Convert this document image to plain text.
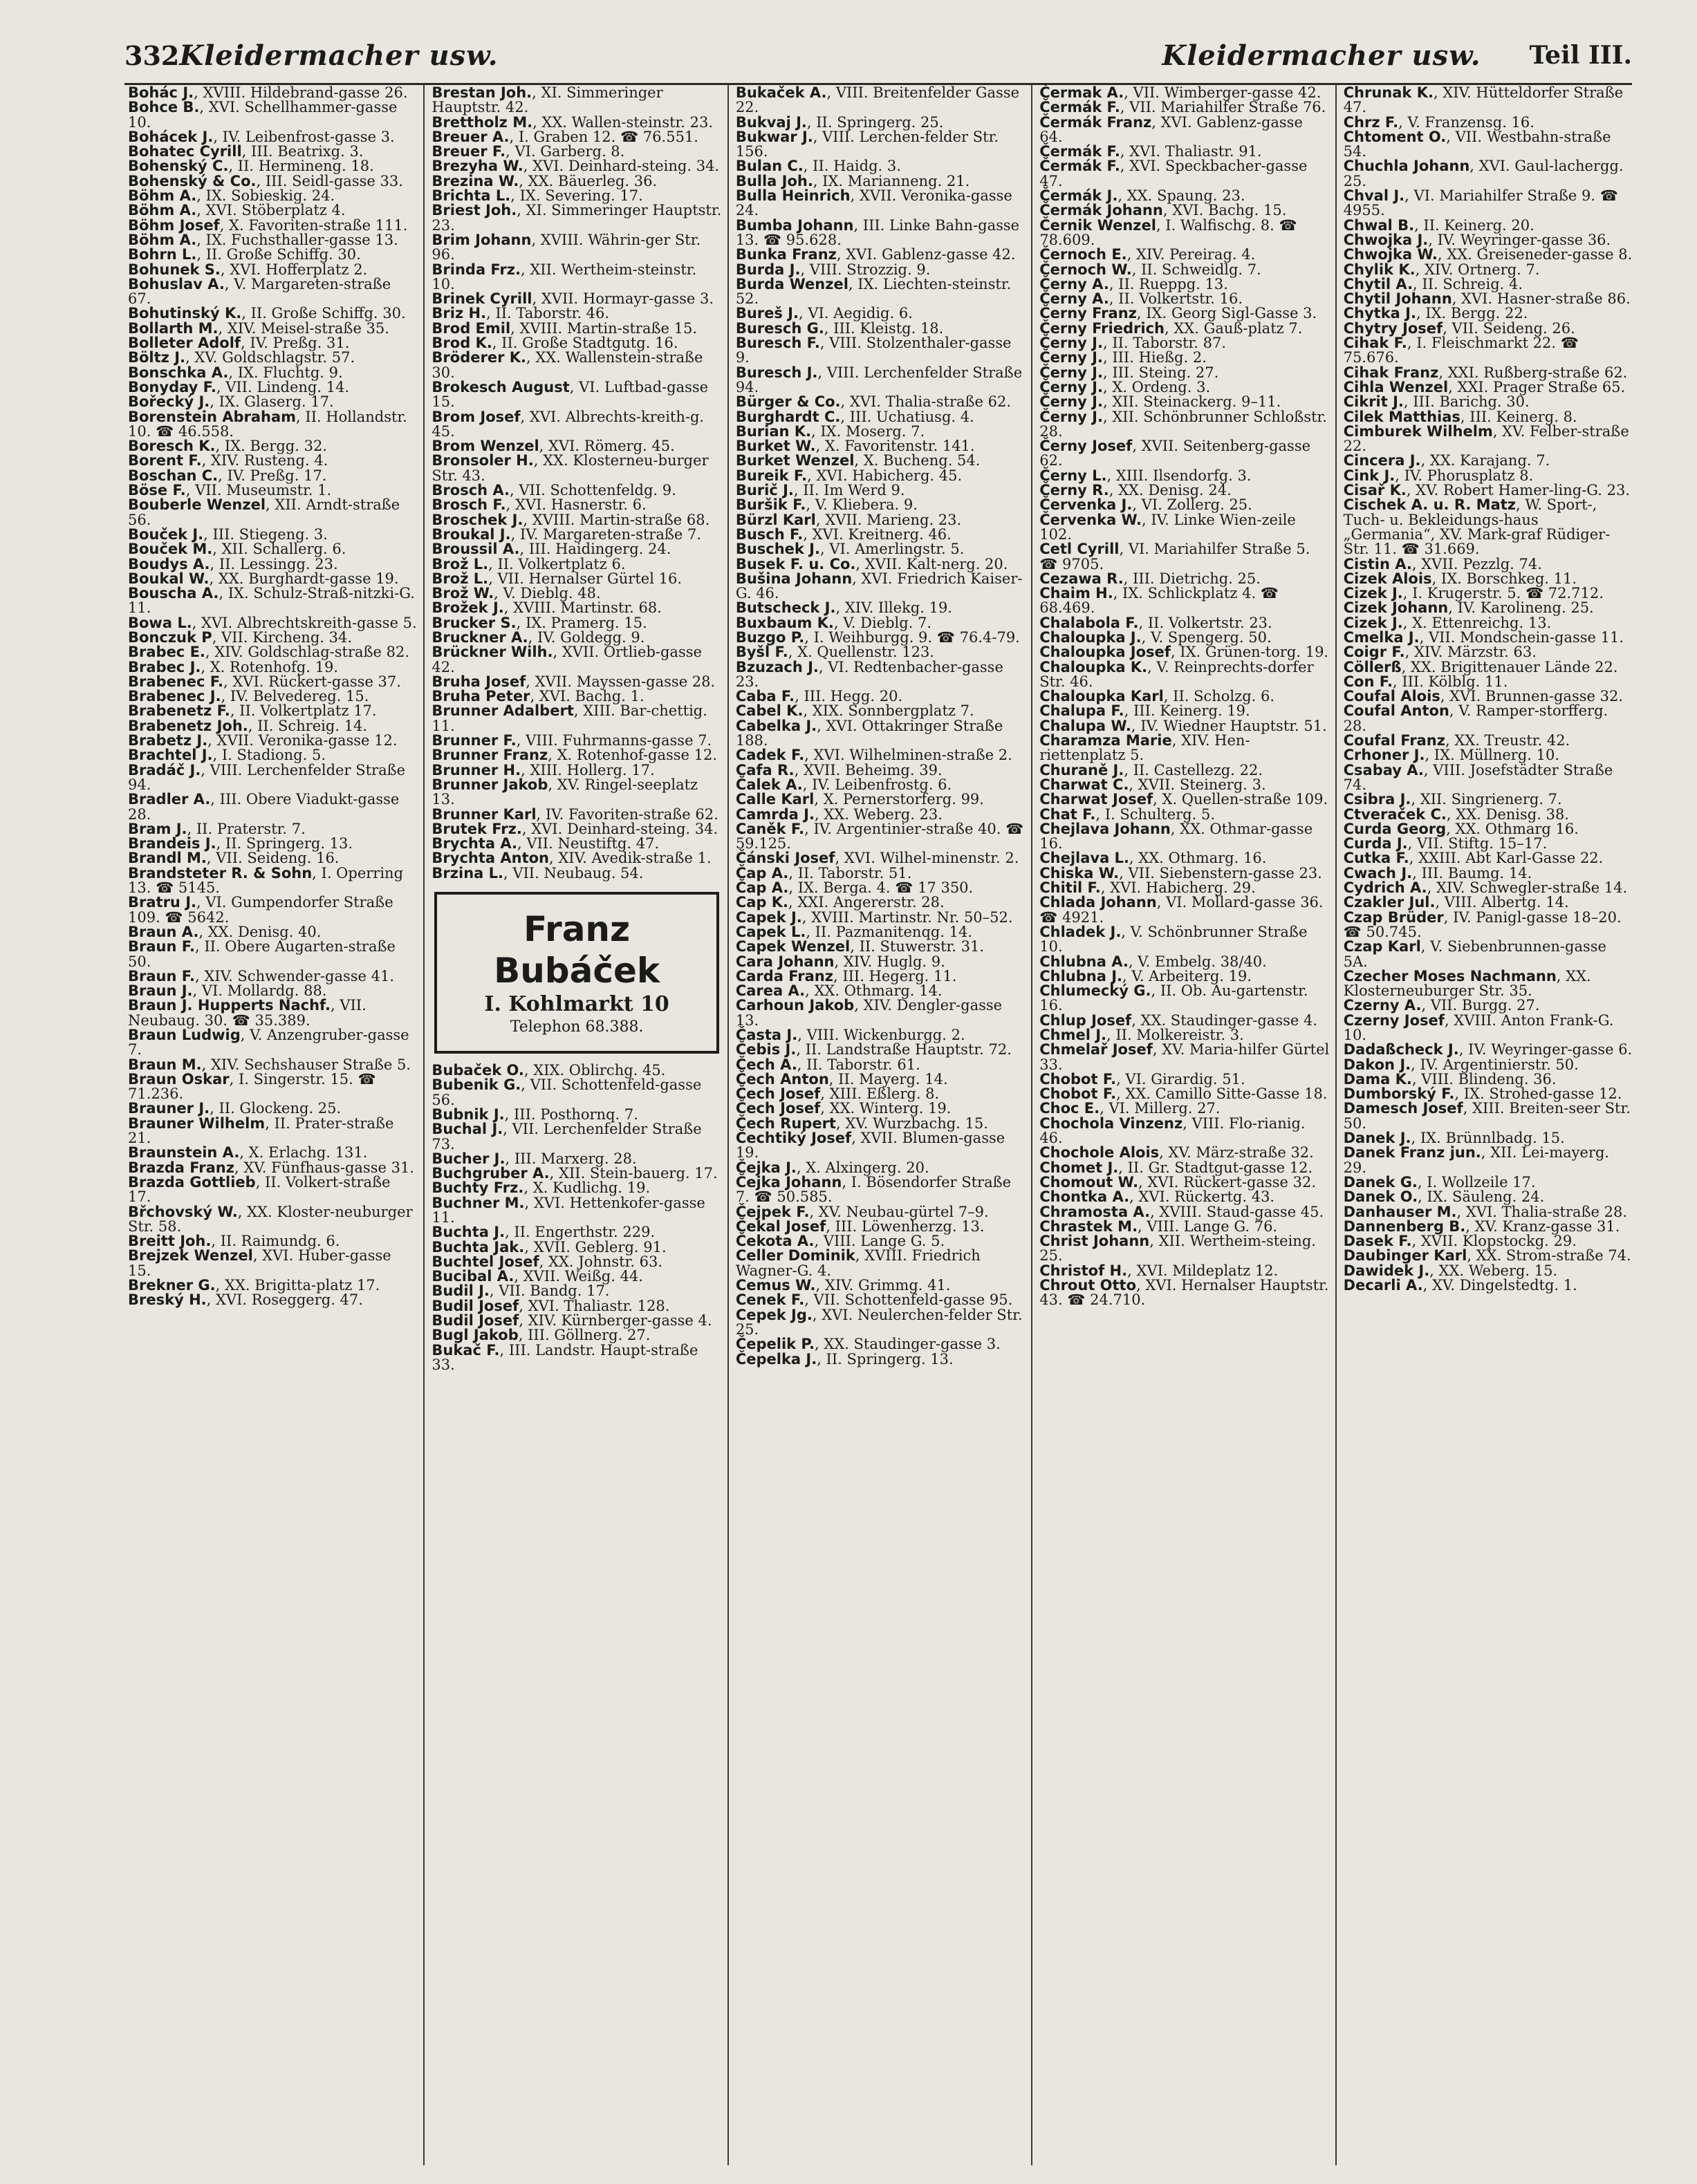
332 Kleidermacher usw.	Kleidermacher usw. Teil III.

Bohác J., XVIII. Hildebrand-gasse 26.

Bohce B., XVI. Schellhammer-gasse 10.

Bohácek J., IV. Leibenfrost-gasse 3.

Bohatec Cyrill, III. Beatrixg. 3.

Bohenský C., II. Hermineng. 18.

Bohenský & Co., III. Seidl-gasse 33.

Böhm A., IX. Sobieskig. 24.

Böhm A., XVI. Stöberplatz 4.

Böhm Josef, X. Favoriten-straße 111.

Böhm A., IX. Fuchsthaller-gasse 13.

Bohrn L., II. Große Schiffg. 30.

Bohunek S., XVI. Hofferplatz 2.

Bohuslav A., V. Margareten-straße 67.

Bohutinský K., II. Große Schiffg. 30.

Bollarth M., XIV. Meisel-straße 35.

Bolleter Adolf, IV. Preßg. 31.

Böltz J., XV. Goldschlagstr. 57.

Bonschka A., IX. Fluchtg. 9.

Bonyday F., VII. Lindeng. 14.

Bořecký J., IX. Glaserg. 17.

Borenstein Abraham, II. Hollandstr. 10. ☎ 46.558.

Boresch K., IX. Bergg. 32.

Borent F., XIV. Rusteng. 4.

Boschan C., IV. Preßg. 17.

Böse F., VII. Museumstr. 1.

Bouberle Wenzel, XII. Arndt-straße 56.

Bouček J., III. Stiegeng. 3.

Bouček M., XII. Schallerg. 6.

Boudys A., II. Lessingg. 23.

Boukal W., XX. Burghardt-gasse 19.

Bouscha A., IX. Schulz-Straß-nitzki-G. 11.

Bowa L., XVI. Albrechtskreith-gasse 5.

Bonczuk P, VII. Kircheng. 34.

Brabec E., XIV. Goldschlag-straße 82.

Brabec J., X. Rotenhofg. 19.

Brabenec F., XVI. Rückert-gasse 37.

Brabenec J., IV. Belvedereg. 15.

Brabenetz F., II. Volkertplatz 17.

Brabenetz Joh., II. Schreig. 14.

Brabetz J., XVII. Veronika-gasse 12.

Brachtel J., I. Stadiong. 5.

Bradáč J., VIII. Lerchenfelder Straße 94.

Bradler A., III. Obere Viadukt-gasse 28.

Bram J., II. Praterstr. 7.

Brandeis J., II. Springerg. 13.

Brandl M., VII. Seideng. 16.

Brandsteter R. & Sohn, I. Operring 13. ☎ 5145.

Bratru J., VI. Gumpendorfer Straße 109. ☎ 5642.

Braun A., XX. Denisg. 40.

Braun F., II. Obere Augarten-straße 50.

Braun F., XIV. Schwender-gasse 41.

Braun J., VI. Mollardg. 88.

Braun J. Hupperts Nachf., VII. Neubaug. 30. ☎ 35.389.

Braun Ludwig, V. Anzengruber-gasse 7.

Braun M., XIV. Sechshauser Straße 5.

Braun Oskar, I. Singerstr. 15. ☎ 71.236.

Brauner J., II. Glockeng. 25.

Brauner Wilhelm, II. Prater-straße 21.

Braunstein A., X. Erlachg. 131.

Brazda Franz, XV. Fünfhaus-gasse 31.

Brazda Gottlieb, II. Volkert-straße 17.

Břchovský W., XX. Kloster-neuburger Str. 58.

Breitt Joh., II. Raimundg. 6.

Brejzek Wenzel, XVI. Huber-gasse 15.

Brekner G., XX. Brigitta-platz 17.

Breský H., XVI. Roseggerg. 47.

Brestan Joh., XI. Simmeringer Hauptstr. 42.

Brettholz M., XX. Wallen-steinstr. 23.

Breuer A., I. Graben 12. ☎ 76.551.

Breuer F., VI. Garberg. 8.

Brezyha W., XVI. Deinhard-steing. 34.

Brezina W., XX. Bäuerleg. 36.

Brichta L., IX. Severing. 17.

Briest Joh., XI. Simmeringer Hauptstr. 23.

Brim Johann, XVIII. Währin-ger Str. 96.

Brinda Frz., XII. Wertheim-steinstr. 10.

Brinek Cyrill, XVII. Hormayr-gasse 3.

Briz H., II. Taborstr. 46.

Brod Emil, XVIII. Martin-straße 15.

Brod K., II. Große Stadtgutg. 16.

Bröderer K., XX. Wallenstein-straße 30.

Brokesch August, VI. Luftbad-gasse 15.

Brom Josef, XVI. Albrechts-kreith-g. 45.

Brom Wenzel, XVI. Römerg. 45.

Bronsoler H., XX. Klosterneu-burger Str. 43.

Brosch A., VII. Schottenfeldg. 9.

Brosch F., XVI. Hasnerstr. 6.

Broschek J., XVIII. Martin-straße 68.

Broukal J., IV. Margareten-straße 7.

Broussil A., III. Haidingerg. 24.

Brož L., II. Volkertplatz 6.

Brož L., VII. Hernalser Gürtel 16.

Brož W., V. Dieblg. 48.

Brožek J., XVIII. Martinstr. 68.

Brucker S., IX. Pramerg. 15.

Bruckner A., IV. Goldegg. 9.

Brückner Wilh., XVII. Ortlieb-gasse 42.

Bruha Josef, XVII. Mayssen-gasse 28.

Bruha Peter, XVI. Bachg. 1.

Brunner Adalbert, XIII. Bar-chettig. 11.

Brunner F., VIII. Fuhrmanns-gasse 7.

Brunner Franz, X. Rotenhof-gasse 12.

Brunner H., XIII. Hollerg. 17.

Brunner Jakob, XV. Ringel-seeplatz 13.

Brunner Karl, IV. Favoriten-straße 62.

Brutek Frz., XVI. Deinhard-steing. 34.

Brychta A., VII. Neustiftg. 47.

Brychta Anton, XIV. Avedik-straße 1.

Brzina L., VII. Neubaug. 54.

Franz Bubáček
I. Kohlmarkt 10
Telephon 68.388.

Bubaček O., XIX. Oblirchg. 45.

Bubenik G., VII. Schottenfeld-gasse 56.

Bubnik J., III. Posthornq. 7.

Buchal J., VII. Lerchenfelder Straße 73.

Bucher J., III. Marxerg. 28.

Buchgruber A., XII. Stein-bauerg. 17.

Buchty Frz., X. Kudlichg. 19.

Buchner M., XVI. Hettenkofer-gasse 11.

Buchta J., II. Engerthstr. 229.

Buchta Jak., XVII. Geblerg. 91.

Buchtel Josef, XX. Johnstr. 63.

Bucibal A., XVII. Weißg. 44.

Budil J., VII. Bandg. 17.

Budil Josef, XVI. Thaliastr. 128.

Budil Josef, XIV. Kürnberger-gasse 4.

Bugl Jakob, III. Göllnerg. 27.

Bukač F., III. Landstr. Haupt-straße 33.

Bukaček A., VIII. Breitenfelder Gasse 22.

Bukvaj J., II. Springerg. 25.

Bukwar J., VIII. Lerchen-felder Str. 156.

Bulan C., II. Haidg. 3.

Bulla Joh., IX. Marianneng. 21.

Bulla Heinrich, XVII. Veronika-gasse 24.

Bumba Johann, III. Linke Bahn-gasse 13. ☎ 95.628.

Bunka Franz, XVI. Gablenz-gasse 42.

Burda J., VIII. Strozzig. 9.

Burda Wenzel, IX. Liechten-steinstr. 52.

Bureš J., VI. Aegidig. 6.

Buresch G., III. Kleistg. 18.

Buresch F., VIII. Stolzenthaler-gasse 9.

Buresch J., VIII. Lerchenfelder Straße 94.

Bürger & Co., XVI. Thalia-straße 62.

Burghardt C., III. Uchatiusg. 4.

Burian K., IX. Moserg. 7.

Burket W., X. Favoritenstr. 141.

Burket Wenzel, X. Bucheng. 54.

Bureik F., XVI. Habicherg. 45.

Burič J., II. Im Werd 9.

Buršik F., V. Kliebera. 9.

Bürzl Karl, XVII. Marieng. 23.

Busch F., XVI. Kreitnerg. 46.

Buschek J., VI. Amerlingstr. 5.

Busek F. u. Co., XVII. Kalt-nerg. 20.

Bušina Johann, XVI. Friedrich Kaiser-G. 46.

Butscheck J., XIV. Illekg. 19.

Buxbaum K., V. Dieblg. 7.

Buzgo P., I. Weihburgg. 9. ☎ 76.4-79.

Byšl F., X. Quellenstr. 123.

Bzuzach J., VI. Redtenbacher-gasse 23.

Caba F., III. Hegg. 20.

Cabel K., XIX. Sonnbergplatz 7.

Cabelka J., XVI. Ottakringer Straße 188.

Cadek F., XVI. Wilhelminen-straße 2.

Cafa R., XVII. Beheimg. 39.

Čalek A., IV. Leibenfrostg. 6.

Calle Karl, X. Pernerstorferg. 99.

Camrda J., XX. Weberg. 23.

Caněk F., IV. Argentinier-straße 40. ☎ 59.125.

Čánski Josef, XVI. Wilhel-minenstr. 2.

Čap A., II. Taborstr. 51.

Čap A., IX. Berga. 4. ☎ 17 350.

Cap K., XXI. Angererstr. 28.

Capek J., XVIII. Martinstr. Nr. 50–52.

Capek L., II. Pazmanitenqg. 14.

Capek Wenzel, II. Stuwerstr. 31.

Cara Johann, XIV. Huglg. 9.

Carda Franz, III. Hegerg. 11.

Carea A., XX. Othmarg. 14.

Carhoun Jakob, XIV. Dengler-gasse 13.

Časta J., VIII. Wickenburgg. 2.

Čebis J., II. Landstraße Hauptstr. 72.

Čech A., II. Taborstr. 61.

Čech Anton, II. Mayerg. 14.

Čech Josef, XIII. Eßlerg. 8.

Čech Josef, XX. Winterg. 19.

Čech Rupert, XV. Wurzbachg. 15.

Čechtiký Josef, XVII. Blumen-gasse 19.

Čejka J., X. Alxingerg. 20.

Čejka Johann, I. Bösendorfer Straße 7. ☎ 50.585.

Čejpek F., XV. Neubau-gürtel 7–9.

Čekal Josef, III. Löwenherzg. 13.

Čekota A., VIII. Lange G. 5.

Celler Dominik, XVIII. Friedrich Wagner-G. 4.

Cemus W., XIV. Grimmg. 41.

Cenek F., VII. Schottenfeld-gasse 95.

Cepek Jg., XVI. Neulerchen-felder Str. 25.

Čepelik P., XX. Staudinger-gasse 3.

Čepelka J., II. Springerg. 13.

Čermak A., VII. Wimberger-gasse 42.

Čermák F., VII. Mariahilfer Straße 76.

Čermák Franz, XVI. Gablenz-gasse 64.

Čermák F., XVI. Thaliastr. 91.

Čermák F., XVI. Speckbacher-gasse 47.

Čermák J., XX. Spaung. 23.

Čermák Johann, XVI. Bachg. 15.

Černik Wenzel, I. Walfischg. 8. ☎ 78.609.

Černoch E., XIV. Pereirag. 4.

Černoch W., II. Schweidlg. 7.

Černy A., II. Rueppg. 13.

Černy A., II. Volkertstr. 16.

Černy Franz, IX. Georg Sigl-Gasse 3.

Černy Friedrich, XX. Gauß-platz 7.

Černy J., II. Taborstr. 87.

Černy J., III. Hießg. 2.

Černy J., III. Steing. 27.

Černy J., X. Ordeng. 3.

Černy J., XII. Steinackerg. 9–11.

Černy J., XII. Schönbrunner Schloßstr. 28.

Černy Josef, XVII. Seitenberg-gasse 62.

Černy L., XIII. Ilsendorfg. 3.

Černy R., XX. Denisg. 24.

Červenka J., VI. Zollerg. 25.

Červenka W., IV. Linke Wien-zeile 102.

Cetl Cyrill, VI. Mariahilfer Straße 5. ☎ 9705.

Cezawa R., III. Dietrichg. 25.

Chaim H., IX. Schlickplatz 4. ☎ 68.469.

Chalabola F., II. Volkertstr. 23.

Chaloupka J., V. Spengerg. 50.

Chaloupka Josef, IX. Grünen-torg. 19.

Chaloupka K., V. Reinprechts-dorfer Str. 46.

Chaloupka Karl, II. Scholzg. 6.

Chalupa F., III. Keinerg. 19.

Chalupa W., IV. Wiedner Hauptstr. 51.

Charamza Marie, XIV. Hen-riettenplatz 5.

Churaně J., II. Castellezg. 22.

Charwat C., XVII. Steinerg. 3.

Charwat Josef, X. Quellen-straße 109.

Chat F., I. Schulterg. 5.

Chejlava Johann, XX. Othmar-gasse 16.

Chejlava L., XX. Othmarg. 16.

Chiska W., VII. Siebenstern-gasse 23.

Chitil F., XVI. Habicherg. 29.

Chlada Johann, VI. Mollard-gasse 36. ☎ 4921.

Chladek J., V. Schönbrunner Straße 10.

Chlubna A., V. Embelg. 38/40.

Chlubna J., V. Arbeiterg. 19.

Chlumecký G., II. Ob. Au-gartenstr. 16.

Chlup Josef, XX. Staudinger-gasse 4.

Chmel J., II. Molkereistr. 3.

Chmelař Josef, XV. Maria-hilfer Gürtel 33.

Chobot F., VI. Girardig. 51.

Chobot F., XX. Camillo Sitte-Gasse 18.

Choc E., VI. Millerg. 27.

Chochola Vinzenz, VIII. Flo-rianig. 46.

Chochole Alois, XV. März-straße 32.

Chomet J., II. Gr. Stadtgut-gasse 12.

Chomout W., XVI. Rückert-gasse 32.

Chontka A., XVI. Rückertg. 43.

Chramosta A., XVIII. Staud-gasse 45.

Chrastek M., VIII. Lange G. 76.

Christ Johann, XII. Wertheim-steing. 25.

Christof H., XVI. Mildeplatz 12.

Chrout Otto, XVI. Hernalser Hauptstr. 43. ☎ 24.710.

Chrunak K., XIV. Hütteldorfer Straße 47.

Chrz F., V. Franzensg. 16.

Chtoment O., VII. Westbahn-straße 54.

Chuchla Johann, XVI. Gaul-lachergg. 25.

Chval J., VI. Mariahilfer Straße 9. ☎ 4955.

Chwal B., II. Keinerg. 20.

Chwojka J., IV. Weyringer-gasse 36.

Chwojka W., XX. Greiseneder-gasse 8.

Chylik K., XIV. Ortnerg. 7.

Chytil A., II. Schreig. 4.

Chytil Johann, XVI. Hasner-straße 86.

Chytka J., IX. Bergg. 22.

Chytry Josef, VII. Seideng. 26.

Cihak F., I. Fleischmarkt 22. ☎ 75.676.

Cihak Franz, XXI. Rußberg-straße 62.

Cihla Wenzel, XXI. Prager Straße 65.

Cikrit J., III. Barichg. 30.

Cilek Matthias, III. Keinerg. 8.

Cimburek Wilhelm, XV. Felber-straße 22.

Cincera J., XX. Karajang. 7.

Cink J., IV. Phorusplatz 8.

Cisař K., XV. Robert Hamer-ling-G. 23.

Cischek A. u. R. Matz, W. Sport-, Tuch- u. Bekleidungs-haus „Germania“, XV. Mark-graf Rüdiger-Str. 11. ☎ 31.669.

Cistin A., XVII. Pezzlg. 74.

Cizek Alois, IX. Borschkeg. 11.

Cizek J., I. Krugerstr. 5. ☎ 72.712.

Cizek Johann, IV. Karolineng. 25.

Cizek J., X. Ettenreichg. 13.

Cmelka J., VII. Mondschein-gasse 11.

Coigr F., XIV. Märzstr. 63.

Cöllerß, XX. Brigittenauer Lände 22.

Con F., III. Kölblg. 11.

Coufal Alois, XVI. Brunnen-gasse 32.

Coufal Anton, V. Ramper-storfferg. 28.

Coufal Franz, XX. Treustr. 42.

Crhoner J., IX. Müllnerg. 10.

Csabay A., VIII. Josefstädter Straße 74.

Csibra J., XII. Singrienerg. 7.

Ctveraček C., XX. Denisg. 38.

Curda Georg, XX. Othmarg 16.

Curda J., VII. Stiftg. 15–17.

Cutka F., XXIII. Abt Karl-Gasse 22.

Cwach J., III. Baumg. 14.

Cydrich A., XIV. Schwegler-straße 14.

Czakler Jul., VIII. Albertg. 14.

Czap Brüder, IV. Panigl-gasse 18–20. ☎ 50.745.

Czap Karl, V. Siebenbrunnen-gasse 5A.

Czecher Moses Nachmann, XX. Klosterneuburger Str. 35.

Czerny A., VII. Burgg. 27.

Czerny Josef, XVIII. Anton Frank-G. 10.

Dadaßcheck J., IV. Weyringer-gasse 6.

Dakon J., IV. Argentinierstr. 50.

Dama K., VIII. Blindeng. 36.

Dumborský F., IX. Strohed-gasse 12.

Damesch Josef, XIII. Breiten-seer Str. 50.

Danek J., IX. Brünnlbadg. 15.

Danek Franz jun., XII. Lei-mayerg. 29.

Danek G., I. Wollzeile 17.

Danek O., IX. Säuleng. 24.

Danhauser M., XVI. Thalia-straße 28.

Dannenberg B., XV. Kranz-gasse 31.

Dasek F., XVII. Klopstockg. 29.

Daubinger Karl, XX. Strom-straße 74.

Dawidek J., XX. Weberg. 15.

Decarli A., XV. Dingelstedtg. 1.
